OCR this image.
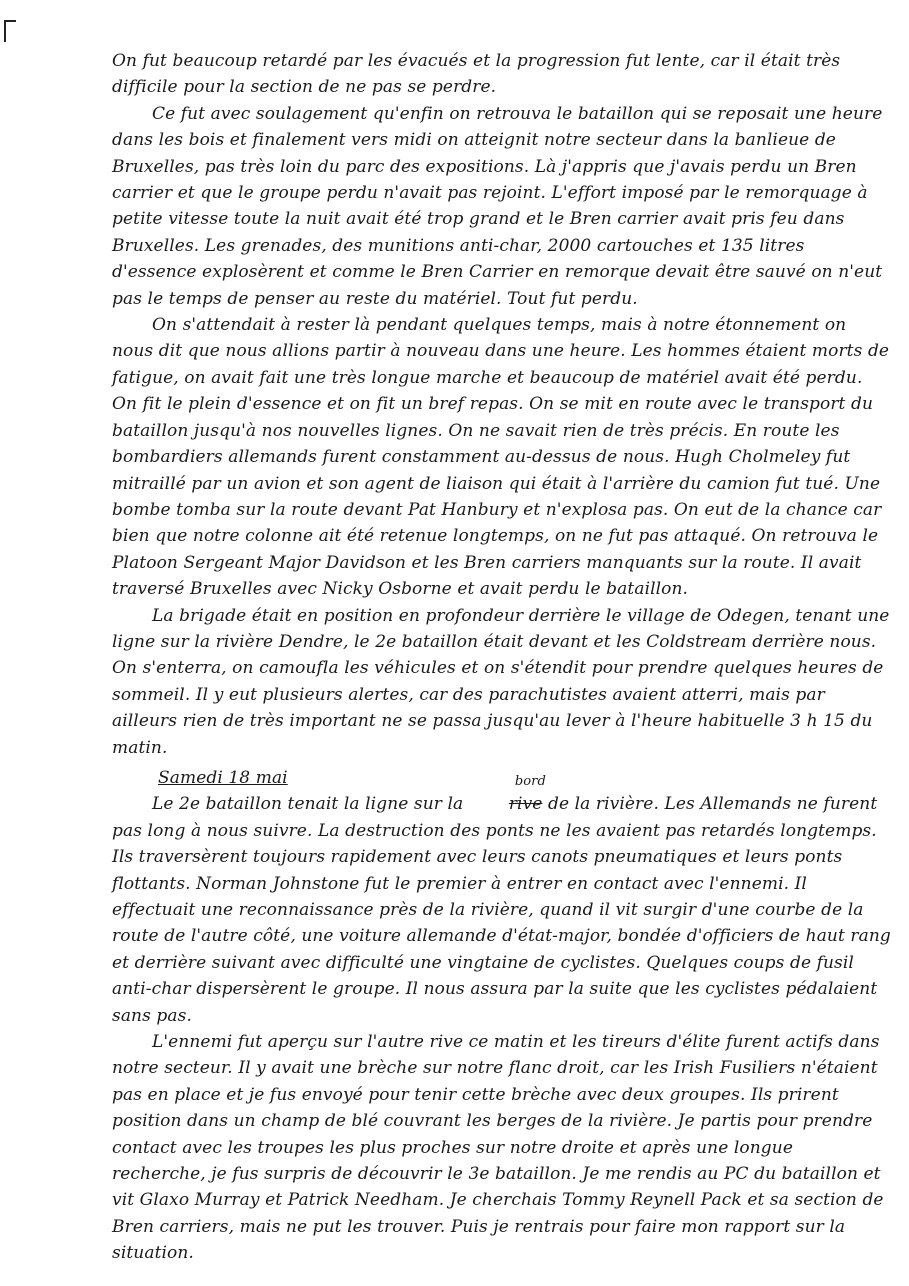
On fut beaucoup retardé par les évacués et la progression fut lente, car il était très difficile pour la section de ne pas se perdre.

Ce fut avec soulagement qu'enfin on retrouva le bataillon qui se reposait une heure dans les bois et finalement vers midi on atteignit notre secteur dans la banlieue de Bruxelles, pas très loin du parc des expositions. Là j'appris que j'avais perdu un Bren carrier et que le groupe perdu n'avait pas rejoint. L'effort imposé par le remorquage à petite vitesse toute la nuit avait été trop grand et le Bren carrier avait pris feu dans Bruxelles. Les grenades, des munitions anti-char, 2000 cartouches et 135 litres d'essence explosèrent et comme le Bren Carrier en remorque devait être sauvé on n'eut pas le temps de penser au reste du matériel. Tout fut perdu.

On s'attendait à rester là pendant quelques temps, mais à notre étonnement on nous dit que nous allions partir à nouveau dans une heure. Les hommes étaient morts de fatigue, on avait fait une très longue marche et beaucoup de matériel avait été perdu. On fit le plein d'essence et on fit un bref repas. On se mit en route avec le transport du bataillon jusqu'à nos nouvelles lignes. On ne savait rien de très précis. En route les bombardiers allemands furent constamment au-dessus de nous. Hugh Cholmeley fut mitraillé par un avion et son agent de liaison qui était à l'arrière du camion fut tué. Une bombe tomba sur la route devant Pat Hanbury et n'explosa pas. On eut de la chance car bien que notre colonne ait été retenue longtemps, on ne fut pas attaqué. On retrouva le Platoon Sergeant Major Davidson et les Bren carriers manquants sur la route. Il avait traversé Bruxelles avec Nicky Osborne et avait perdu le bataillon.

La brigade était en position en profondeur derrière le village de Odegen, tenant une ligne sur la rivière Dendre, le 2e bataillon était devant et les Coldstream derrière nous. On s'enterra, on camoufla les véhicules et on s'étendit pour prendre quelques heures de sommeil. Il y eut plusieurs alertes, car des parachutistes avaient atterri, mais par ailleurs rien de très important ne se passa jusqu'au lever à l'heure habituelle 3 h 15 du matin.

Samedi 18 mai

Le 2e bataillon tenait la ligne sur la	rive
bord
de la rivière. Les Allemands ne furent pas long à nous suivre. La destruction des ponts ne les avaient pas retardés longtemps. Ils traversèrent toujours rapidement avec leurs canots pneumatiques et leurs ponts flottants. Norman Johnstone fut le premier à entrer en contact avec l'ennemi. Il effectuait une reconnaissance près de la rivière, quand il vit surgir d'une courbe de la route de l'autre côté, une voiture allemande d'état-major, bondée d'officiers de haut rang et derrière suivant avec difficulté une vingtaine de cyclistes. Quelques coups de fusil anti-char dispersèrent le groupe. Il nous assura par la suite que les cyclistes pédalaient sans pas.

L'ennemi fut aperçu sur l'autre rive ce matin et les tireurs d'élite furent actifs dans notre secteur. Il y avait une brèche sur notre flanc droit, car les Irish Fusiliers n'étaient pas en place et je fus envoyé pour tenir cette brèche avec deux groupes. Ils prirent position dans un champ de blé couvrant les berges de la rivière. Je partis pour prendre contact avec les troupes les plus proches sur notre droite et après une longue recherche, je fus surpris de découvrir le 3e bataillon. Je me rendis au PC du bataillon et vit Glaxo Murray et Patrick Needham. Je cherchais Tommy Reynell Pack et sa section de Bren carriers, mais ne put les trouver. Puis je rentrais pour faire mon rapport sur la situation.
